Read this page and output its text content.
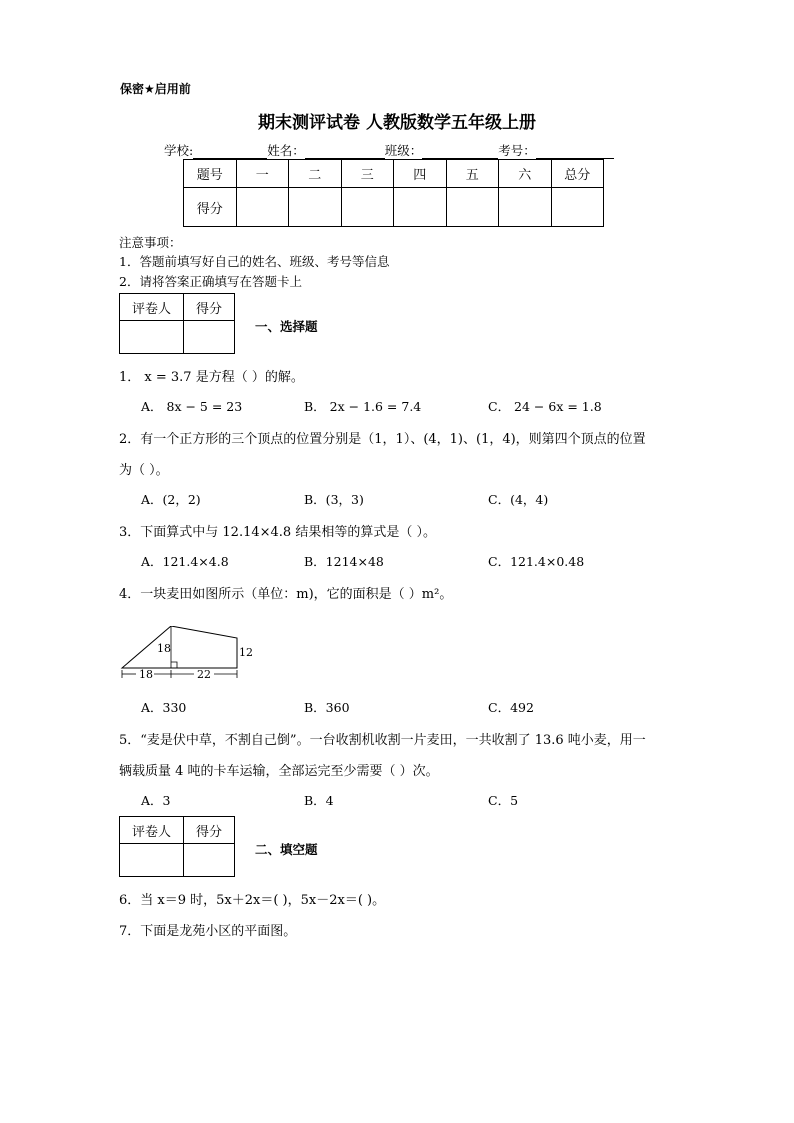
保密★启用前
期末测评试卷 人教版数学五年级上册
学校:	姓名：	班级：	考号：
题号	一	二	三	四	五	六	总分
得分							
注意事项：
1．答题前填写好自己的姓名、班级、考号等信息
2．请将答案正确填写在答题卡上
评卷人	得分

一、选择题
1． x = 3.7 是方程（ ）的解。
A． 8x − 5 = 23	B． 2x − 1.6 = 7.4	C． 24 − 6x = 1.8
2．有一个正方形的三个顶点的位置分别是（1，1）、(4，1)、(1，4)，则第四个顶点的位置
为（ ）。
A．(2，2)	B．(3，3)	C．(4，4)
3．下面算式中与 12.14×4.8 结果相等的算式是（ ）。
A．121.4×4.8	B．1214×48	C．121.4×0.48
4．一块麦田如图所示（单位：m)，它的面积是（ ）m²。
18	12
18	22
A．330	B．360	C．492
5．“麦是伏中草，不割自己倒”。一台收割机收割一片麦田，一共收割了 13.6 吨小麦，用一
辆载质量 4 吨的卡车运输，全部运完至少需要（ ）次。
A．3	B．4	C．5
评卷人	得分

二、填空题
6．当 x＝9 时，5x＋2x＝( )，5x－2x＝( )。
7．下面是龙苑小区的平面图。
